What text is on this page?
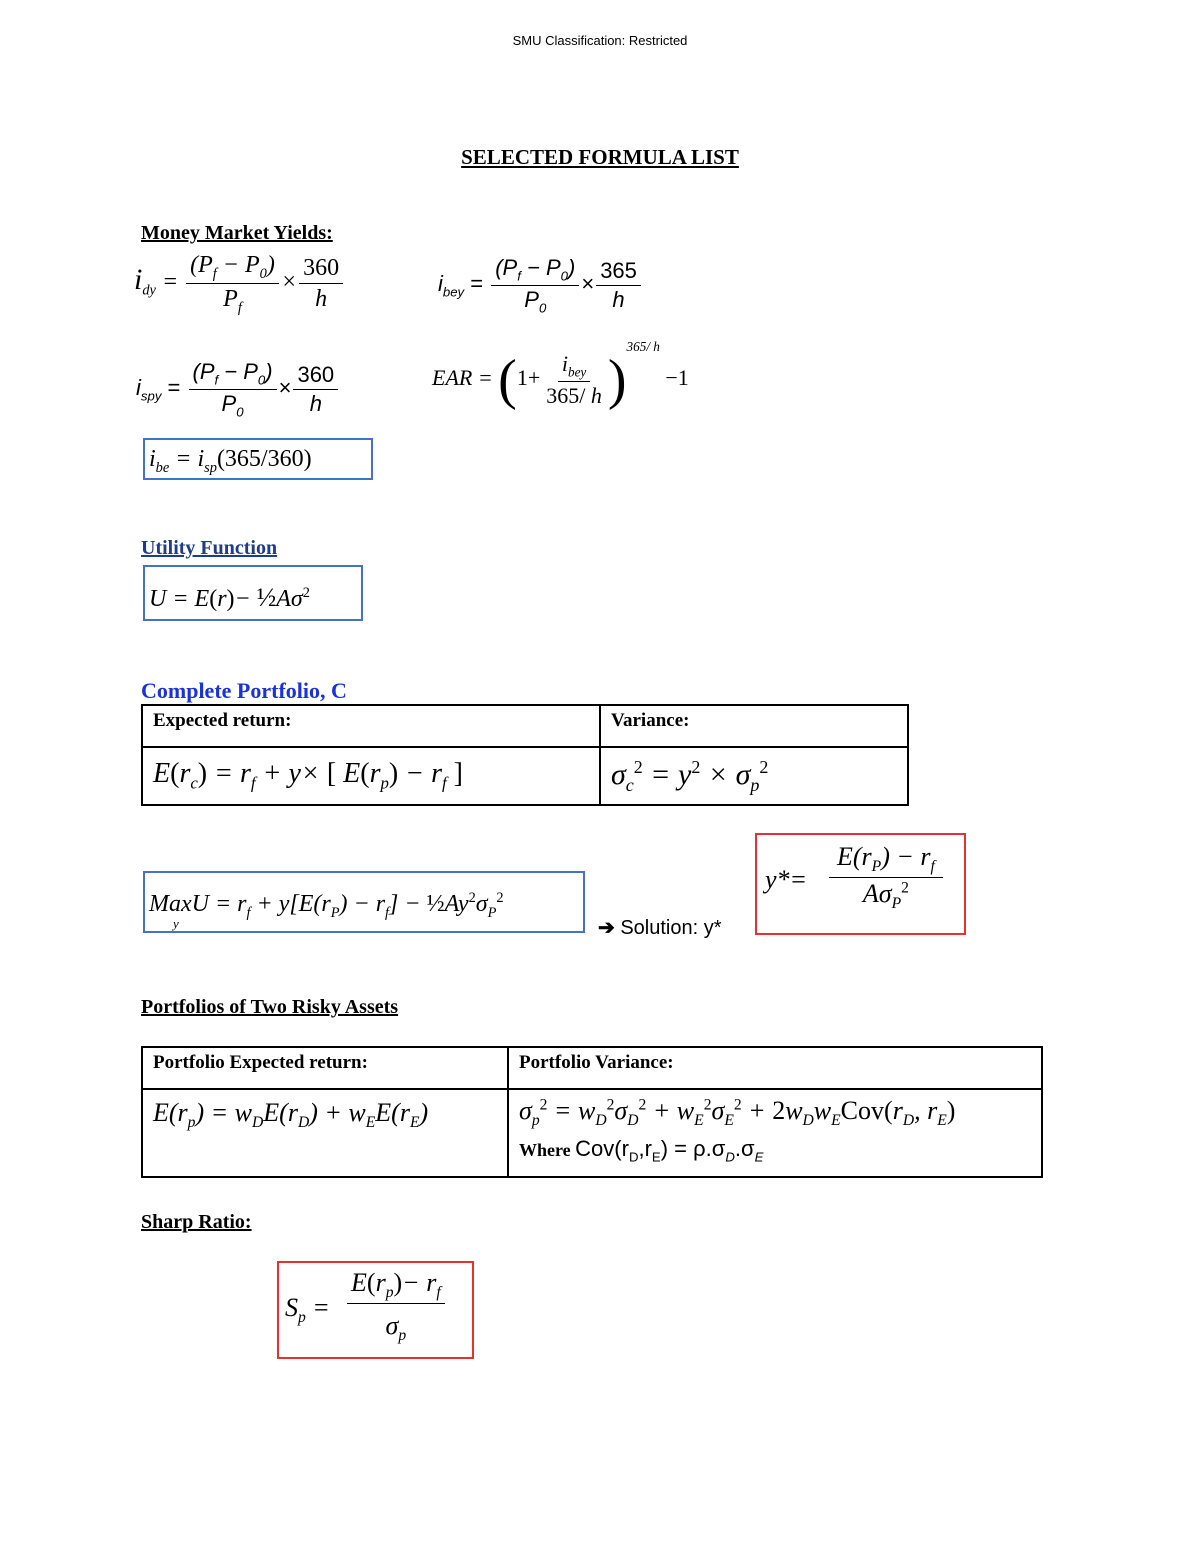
SMU Classification: Restricted
SELECTED FORMULA LIST
Money Market Yields:
$i_{dy} = \frac{(P_f - P_0)}{P_f} \times \frac{360}{h}$	$i_{bey} = \frac{(P_f - P_0)}{P_0} \times \frac{365}{h}$
$i_{spy} = \frac{(P_f - P_0)}{P_0} \times \frac{360}{h}$	EAR = $(1+ \frac{i_{bey}}{365/ h} )^{365/ h} -1$
$i_{be} = i_{sp}(365/360)$
Utility Function
$U = E(r)- \frac{1}{2}A\sigma^2$
Complete Portfolio, C
Expected return:	Variance:
$E(r_c) = r_f + y\times$ [ $E(r_p) - r_f$ ]	$\sigma_c^2 = y^2 \times \sigma_p^2$
MaxU = $r_f + y[E(r_P) - r_f]$ − $\frac{1}{2}Ay^2\sigma_P^2$
y	➔ Solution: y*
y*=
$E(r_P) - r_f$
$A\sigma_P^2$
Portfolios of Two Risky Assets
Portfolio Expected return:	Portfolio Variance:
$E(r_p) = w_DE(r_D) + w_EE(r_E)$	$\sigma_p^2 = w_D^2\sigma_D^2 + w_E^2\sigma_E^2 + 2w_Dw_ECov(r_D$, $r_E$)
Where $Cov(r_D,r_E) = \rho.\sigma_D.\sigma_E$
Sharp Ratio:
$S_p = \frac{E(r_p)- r_f}{\sigma_p}$
